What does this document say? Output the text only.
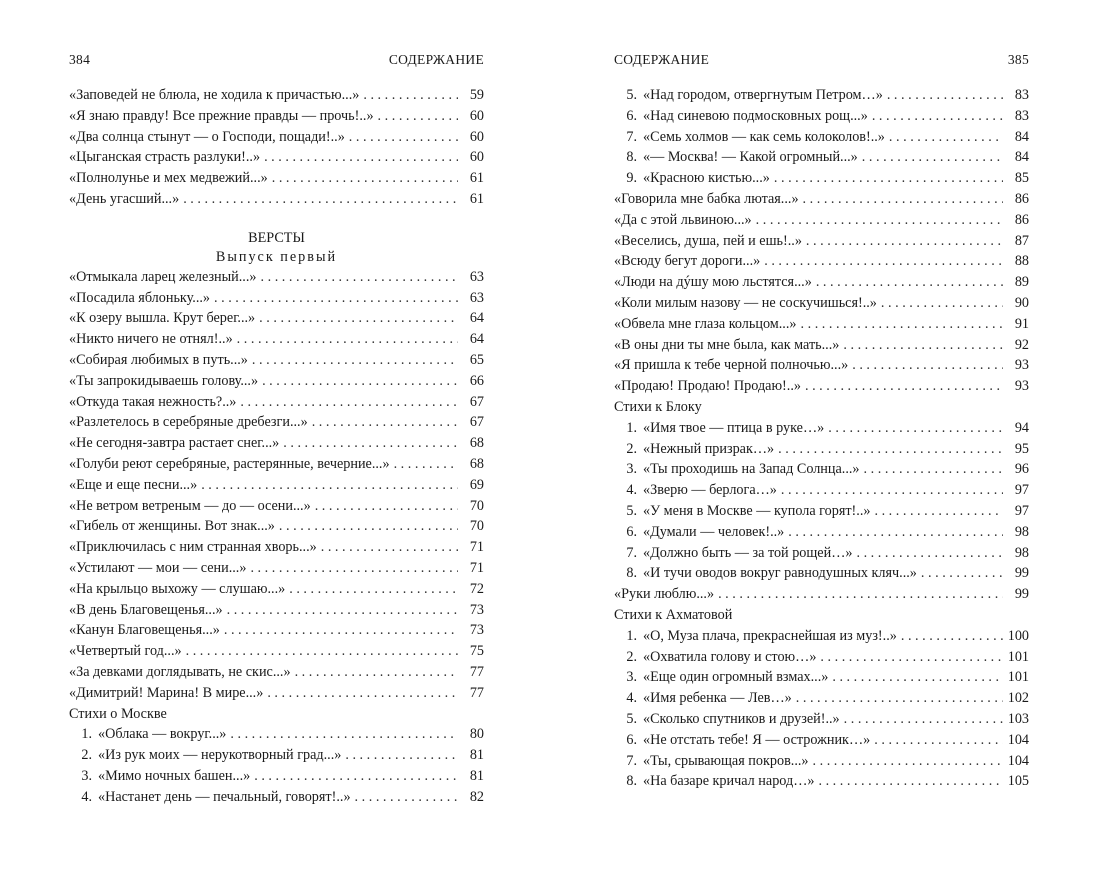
384	СОДЕРЖАНИЕ
«Заповедей не блюла, не ходила к причастью...» . . .	59
«Я знаю правду! Все прежние правды — прочь!..» . . .	60
«Два солнца стынут — о Господи, пощади!..» . . .	60
«Цыганская страсть разлуки!..» . . .	60
«Полнолунье и мех медвежий...» . . .	61
«День угасший...» . . .	61
ВЕРСТЫ
Выпуск первый
«Отмыкала ларец железный...» . . .	63
«Посадила яблоньку...» . . .	63
«К озеру вышла. Крут берег...» . . .	64
«Никто ничего не отнял!..» . . .	64
«Собирая любимых в путь...» . . .	65
«Ты запрокидываешь голову...» . . .	66
«Откуда такая нежность?..» . . .	67
«Разлетелось в серебряные дребезги...» . . .	67
«Не сегодня-завтра растает снег...» . . .	68
«Голуби реют серебряные, растерянные, вечерние...» . . .	68
«Еще и еще песни...» . . .	69
«Не ветром ветреным — до — осени...» . . .	70
«Гибель от женщины. Вот знак...» . . .	70
«Приключилась с ним странная хворь...» . . .	71
«Устилают — мои — сени...» . . .	71
«На крыльцо выхожу — слушаю...» . . .	72
«В день Благовещенья...» . . .	73
«Канун Благовещенья...» . . .	73
«Четвертый год...» . . .	75
«За девками доглядывать, не скис...» . . .	77
«Димитрий! Марина! В мире...» . . .	77
Стихи о Москве
1. «Облака — вокруг...» . . .	80
2. «Из рук моих — нерукотворный град...» . . .	81
3. «Мимо ночных башен...» . . .	81
4. «Настанет день — печальный, говорят!..» . . .	82
СОДЕРЖАНИЕ	385
5. «Над городом, отвергнутым Петром…» . . .	83
6. «Над синевою подмосковных рощ...» . . .	83
7. «Семь холмов — как семь колоколов!..» . . .	84
8. «— Москва! — Какой огромный...» . . .	84
9. «Красною кистью...» . . .	85
«Говорила мне бабка лютая...» . . .	86
«Да с этой львиною...» . . .	86
«Веселись, душа, пей и ешь!..» . . .	87
«Всюду бегут дороги...» . . .	88
«Люди на дýшу мою льстятся...» . . .	89
«Коли милым назову — не соскучишься!..» . . .	90
«Обвела мне глаза кольцом...» . . .	91
«В оны дни ты мне была, как мать...» . . .	92
«Я пришла к тебе черной полночью...» . . .	93
«Продаю! Продаю! Продаю!..» . . .	93
Стихи к Блоку
1. «Имя твое — птица в руке…» . . .	94
2. «Нежный призрак…» . . .	95
3. «Ты проходишь на Запад Солнца...» . . .	96
4. «Зверю — берлога…» . . .	97
5. «У меня в Москве — купола горят!..» . . .	97
6. «Думали — человек!..» . . .	98
7. «Должно быть — за той рощей…» . . .	98
8. «И тучи оводов вокруг равнодушных кляч...» . . .	99
«Руки люблю...» . . .	99
Стихи к Ахматовой
1. «О, Муза плача, прекраснейшая из муз!..» . . .	100
2. «Охватила голову и стою…» . . .	101
3. «Еще один огромный взмах...» . . .	101
4. «Имя ребенка — Лев…» . . .	102
5. «Сколько спутников и друзей!..» . . .	103
6. «Не отстать тебе! Я — острожник…» . . .	104
7. «Ты, срывающая покров...» . . .	104
8. «На базаре кричал народ…» . . .	105
